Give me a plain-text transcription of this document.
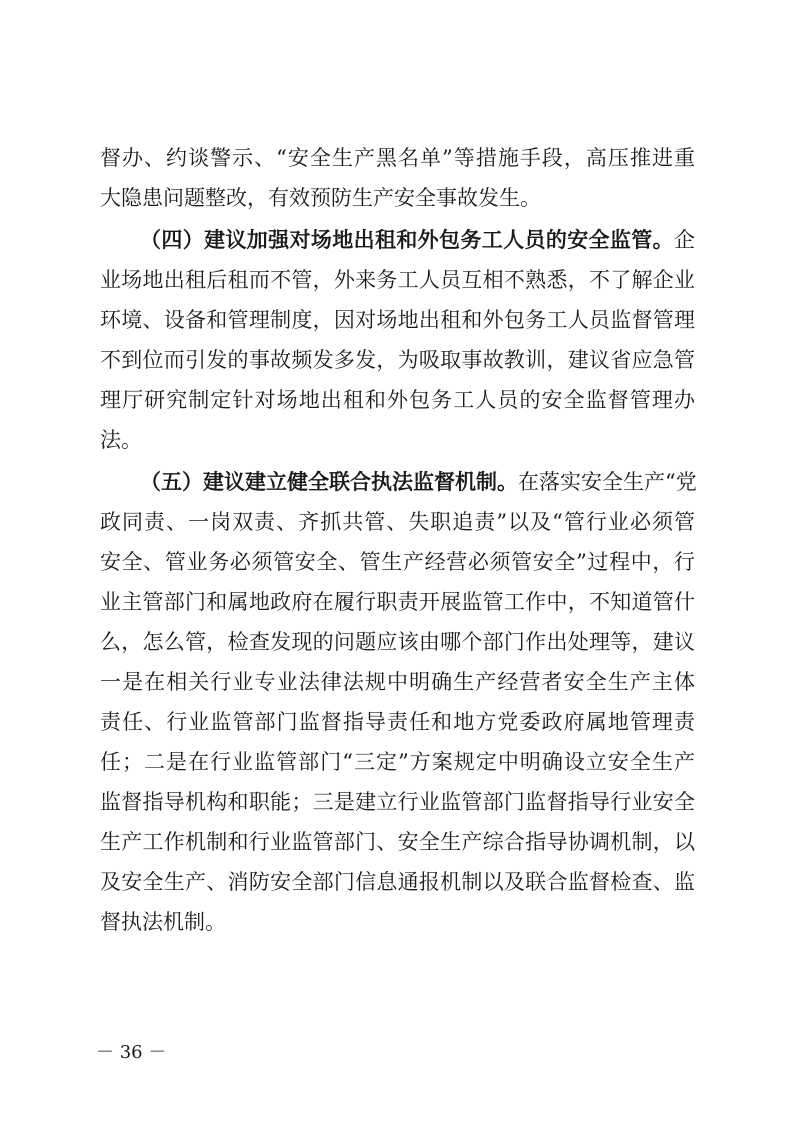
督办、约谈警示、“安全生产黑名单”等措施手段，高压推进重
大隐患问题整改，有效预防生产安全事故发生。
（四）建议加强对场地出租和外包务工人员的安全监管。企
业场地出租后租而不管，外来务工人员互相不熟悉，不了解企业
环境、设备和管理制度，因对场地出租和外包务工人员监督管理
不到位而引发的事故频发多发，为吸取事故教训，建议省应急管
理厅研究制定针对场地出租和外包务工人员的安全监督管理办
法。
（五）建议建立健全联合执法监督机制。在落实安全生产“党
政同责、一岗双责、齐抓共管、失职追责”以及“管行业必须管
安全、管业务必须管安全、管生产经营必须管安全”过程中，行
业主管部门和属地政府在履行职责开展监管工作中，不知道管什
么，怎么管，检查发现的问题应该由哪个部门作出处理等，建议
一是在相关行业专业法律法规中明确生产经营者安全生产主体
责任、行业监管部门监督指导责任和地方党委政府属地管理责
任；二是在行业监管部门“三定”方案规定中明确设立安全生产
监督指导机构和职能；三是建立行业监管部门监督指导行业安全
生产工作机制和行业监管部门、安全生产综合指导协调机制，以
及安全生产、消防安全部门信息通报机制以及联合监督检查、监
督执法机制。
－ 36 －
